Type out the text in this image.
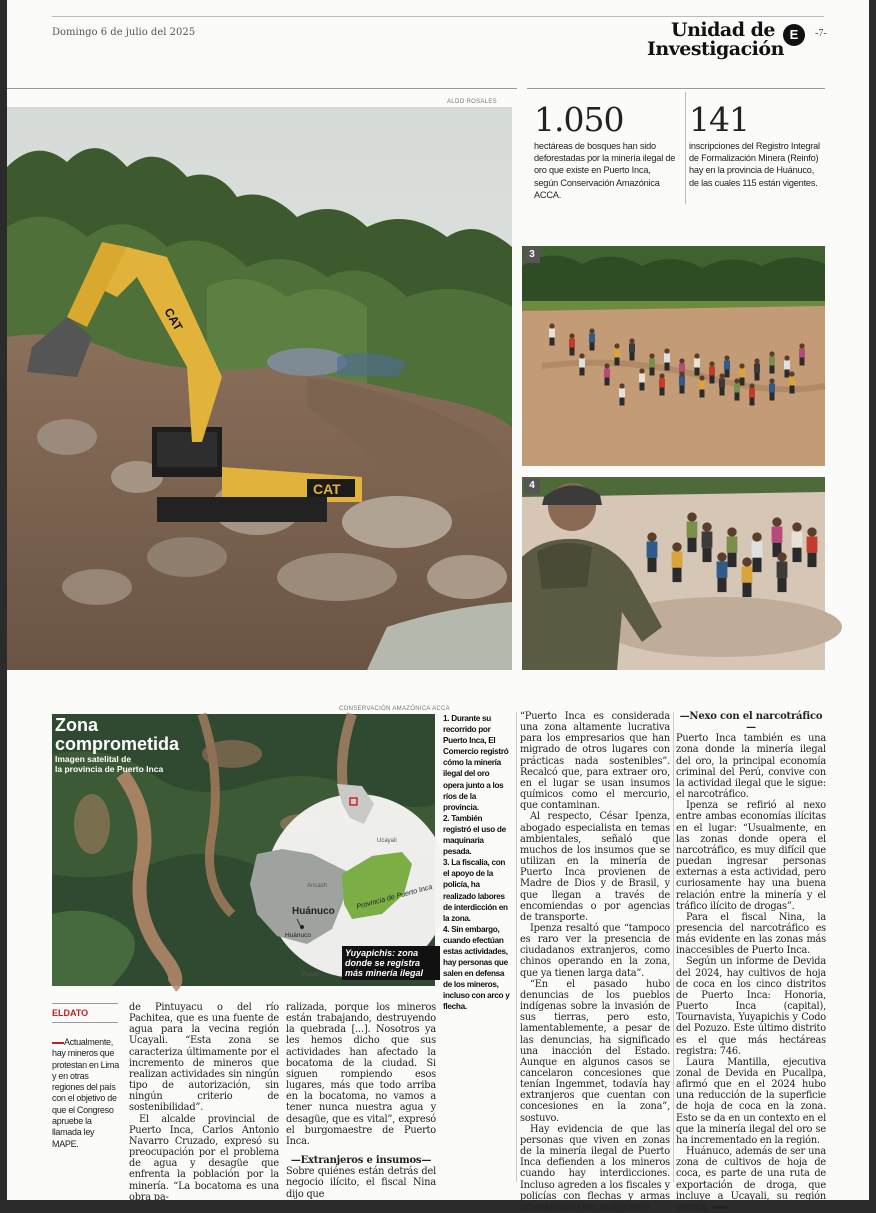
Domingo 6 de julio del 2025	Unidad de
Investigación
E	-7-
ALDO ROSALES
CAT
CAT
1.050
hectáreas de bosques han sido deforestadas por la minería ilegal de oro que existe en Puerto Inca, según Conservación Amazónica ACCA.
141
inscripciones del Registro Integral de Formalización Minera (Reinfo) hay en la provincia de Huánuco, de las cuales 115 están vigentes.
3
4
CONSERVACIÓN AMAZÓNICA ACCA
Ancash
Ucayali
Huánuco
Huánuco
Pasco
Provincia de Puerto Inca
Zona
comprometida
Imagen satelital de
la provincia de Puerto Inca
Yuyapichis: zona
donde se registra
más minería ilegal
1. Durante su recorrido por Puerto Inca, El Comercio registró cómo la minería ilegal del oro opera junto a los ríos de la provincia.
2. También registró el uso de maquinaria pesada.
3. La fiscalía, con el apoyo de la policía, ha realizado labores de interdicción en la zona.
4. Sin embargo, cuando efectúan estas actividades, hay personas que salen en defensa de los mineros, incluso con arco y flecha.
ELDATO
Actualmente, hay mineros que protestan en Lima y en otras regiones del país con el objetivo de que el Congreso apruebe la llamada ley MAPE.

de Pintuyacu o del río Pachitea, que es una fuente de agua para la vecina región Ucayali. “Esta zona se caracteriza últimamente por el incremento de mineros que realizan actividades sin ningún tipo de autorización, sin ningún criterio de sostenibilidad”.

El alcalde provincial de Puerto Inca, Carlos Antonio Navarro Cruzado, expresó su preocupación por el problema de agua y desagüe que enfrenta la población por la minería. “La bocatoma es una obra pa-

ralizada, porque los mineros están trabajando, destruyendo la quebrada [...]. Nosotros ya les hemos dicho que sus actividades han afectado la bocatoma de la ciudad. Si siguen rompiendo esos lugares, más que todo arriba en la bocatoma, no vamos a tener nunca nuestra agua y desagüe, que es vital”, expresó el burgomaestre de Puerto Inca.

—Extranjeros e insumos—

Sobre quiénes están detrás del negocio ilícito, el fiscal Nina dijo que

“Puerto Inca es considerada una zona altamente lucrativa para los empresarios que han migrado de otros lugares con prácticas nada sostenibles”. Recalcó que, para extraer oro, en el lugar se usan insumos químicos como el mercurio, que contaminan.

Al respecto, César Ipenza, abogado especialista en temas ambientales, señaló que muchos de los insumos que se utilizan en la minería de Puerto Inca provienen de Madre de Dios y de Brasil, y que llegan a través de encomiendas o por agencias de transporte.

Ipenza resaltó que “tampoco es raro ver la presencia de ciudadanos extranjeros, como chinos operando en la zona, que ya tienen larga data”.

“En el pasado hubo denuncias de los pueblos indígenas sobre la invasión de sus tierras, pero esto, lamentablemente, a pesar de las denuncias, ha significado una inacción del Estado. Aunque en algunos casos se cancelaron concesiones que tenían Ingemmet, todavía hay extranjeros que cuentan con concesiones en la zona”, sostuvo.

Hay evidencia de que las personas que viven en zonas de la minería ilegal de Puerto Inca defienden a los mineros cuando hay interdicciones. Incluso agreden a los fiscales y policías con flechas y armas artesanales (ver imágenes).

—Nexo con el narcotráfico—

Puerto Inca también es una zona donde la minería ilegal del oro, la principal economía criminal del Perú, convive con la actividad ilegal que le sigue: el narcotráfico.

Ipenza se refirió al nexo entre ambas economías ilícitas en el lugar: “Usualmente, en las zonas donde opera el narcotráfico, es muy difícil que puedan ingresar personas externas a esta actividad, pero curiosamente hay una buena relación entre la minería y el tráfico ilícito de drogas”.

Para el fiscal Nina, la presencia del narcotráfico es más evidente en las zonas más inaccesibles de Puerto Inca.

Según un informe de Devida del 2024, hay cultivos de hoja de coca en los cinco distritos de Puerto Inca: Honoria, Puerto Inca (capital), Tournavista, Yuyapichis y Codo del Pozuzo. Este último distrito es el que más hectáreas registra: 746.

Laura Mantilla, ejecutiva zonal de Devida en Pucallpa, afirmó que en el 2024 hubo una reducción de la superficie de hoja de coca en la zona. Esto se da en un contexto en el que la minería ilegal del oro se ha incrementado en la región.

Huánuco, además de ser una zona de cultivos de hoja de coca, es parte de una ruta de exportación de droga, que incluye a Ucayali, su región vecina.
